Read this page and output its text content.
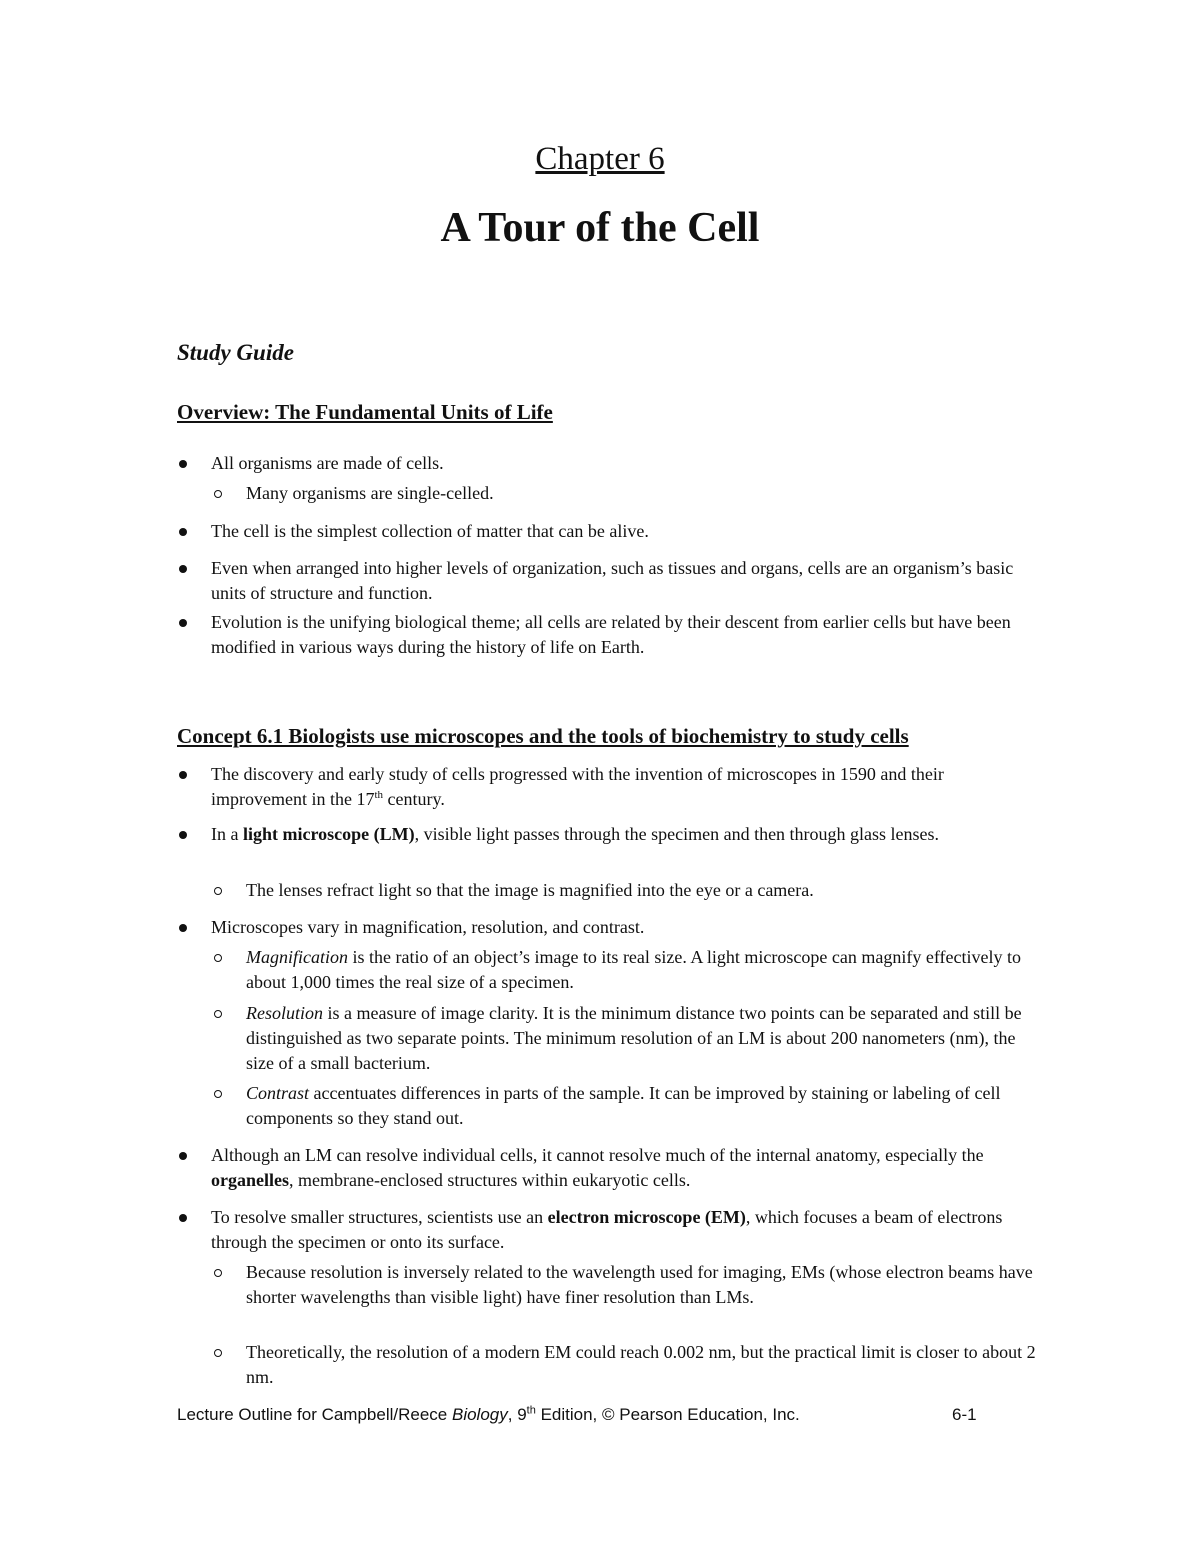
Chapter 6
A Tour of the Cell
Study Guide
Overview: The Fundamental Units of Life
All organisms are made of cells.
Many organisms are single-celled.
The cell is the simplest collection of matter that can be alive.
Even when arranged into higher levels of organization, such as tissues and organs, cells are an organism’s basic units of structure and function.
Evolution is the unifying biological theme; all cells are related by their descent from earlier cells but have been modified in various ways during the history of life on Earth.
Concept 6.1 Biologists use microscopes and the tools of biochemistry to study cells
The discovery and early study of cells progressed with the invention of microscopes in 1590 and their improvement in the 17th century.
In a light microscope (LM), visible light passes through the specimen and then through glass lenses.
The lenses refract light so that the image is magnified into the eye or a camera.
Microscopes vary in magnification, resolution, and contrast.
Magnification is the ratio of an object’s image to its real size. A light microscope can magnify effectively to about 1,000 times the real size of a specimen.
Resolution is a measure of image clarity. It is the minimum distance two points can be separated and still be distinguished as two separate points. The minimum resolution of an LM is about 200 nanometers (nm), the size of a small bacterium.
Contrast accentuates differences in parts of the sample. It can be improved by staining or labeling of cell components so they stand out.
Although an LM can resolve individual cells, it cannot resolve much of the internal anatomy, especially the organelles, membrane-enclosed structures within eukaryotic cells.
To resolve smaller structures, scientists use an electron microscope (EM), which focuses a beam of electrons through the specimen or onto its surface.
Because resolution is inversely related to the wavelength used for imaging, EMs (whose electron beams have shorter wavelengths than visible light) have finer resolution than LMs.
Theoretically, the resolution of a modern EM could reach 0.002 nm, but the practical limit is closer to about 2 nm.
Lecture Outline for Campbell/Reece Biology, 9th Edition, © Pearson Education, Inc.	6-1
